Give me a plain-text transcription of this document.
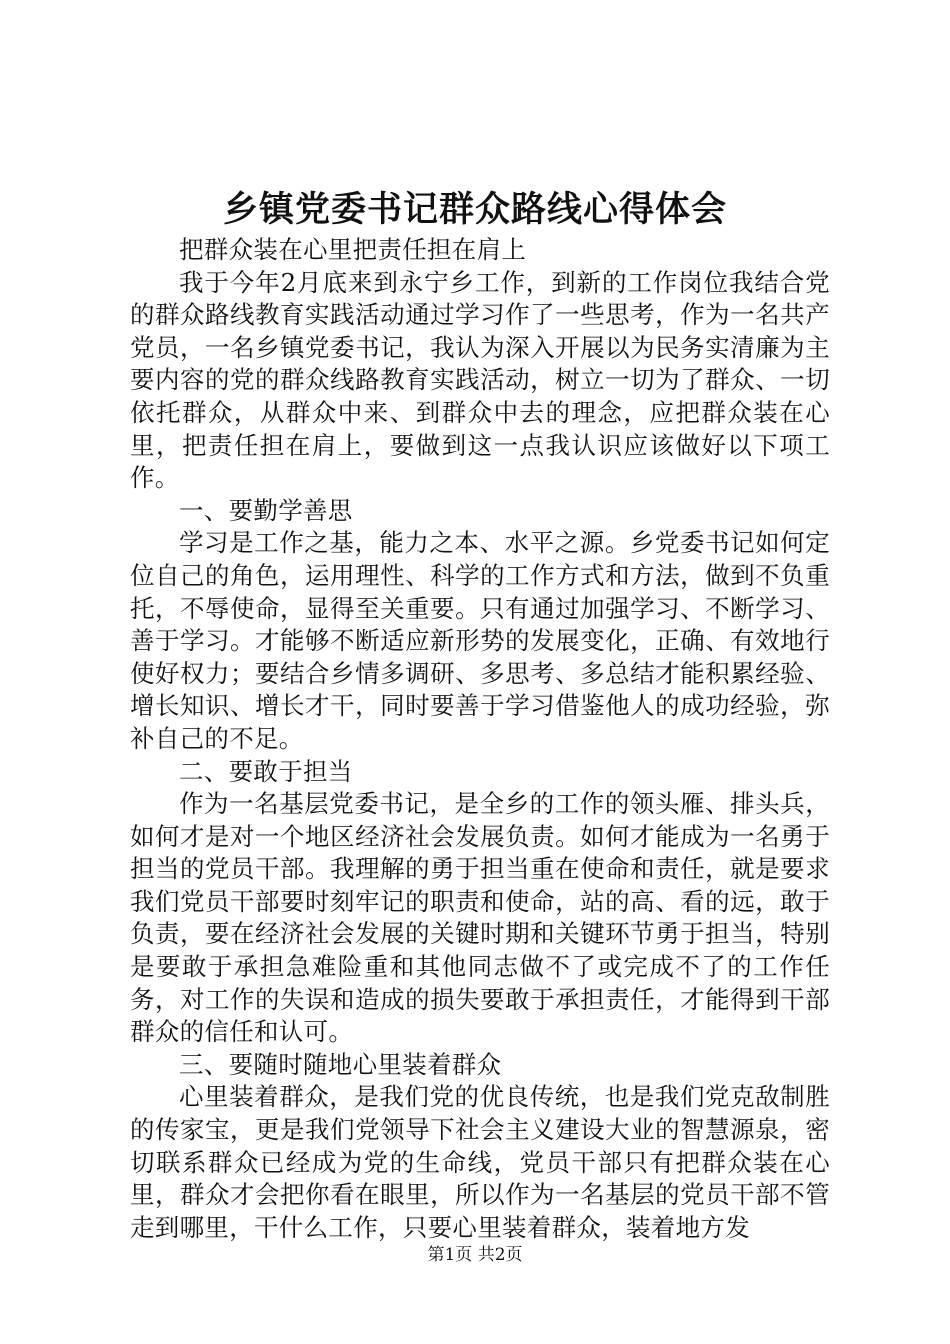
乡镇党委书记群众路线心得体会

把群众装在心里把责任担在肩上

我于今年2月底来到永宁乡工作，到新的工作岗位我结合党的群众路线教育实践活动通过学习作了一些思考，作为一名共产党员，一名乡镇党委书记，我认为深入开展以为民务实清廉为主要内容的党的群众线路教育实践活动，树立一切为了群众、一切依托群众，从群众中来、到群众中去的理念，应把群众装在心里，把责任担在肩上，要做到这一点我认识应该做好以下项工作。

一、要勤学善思

学习是工作之基，能力之本、水平之源。乡党委书记如何定位自己的角色，运用理性、科学的工作方式和方法，做到不负重托，不辱使命，显得至关重要。只有通过加强学习、不断学习、善于学习。才能够不断适应新形势的发展变化，正确、有效地行使好权力；要结合乡情多调研、多思考、多总结才能积累经验、增长知识、增长才干，同时要善于学习借鉴他人的成功经验，弥补自己的不足。

二、要敢于担当

作为一名基层党委书记，是全乡的工作的领头雁、排头兵，如何才是对一个地区经济社会发展负责。如何才能成为一名勇于担当的党员干部。我理解的勇于担当重在使命和责任，就是要求我们党员干部要时刻牢记的职责和使命，站的高、看的远，敢于负责，要在经济社会发展的关键时期和关键环节勇于担当，特别是要敢于承担急难险重和其他同志做不了或完成不了的工作任务，对工作的失误和造成的损失要敢于承担责任，才能得到干部群众的信任和认可。

三、要随时随地心里装着群众

心里装着群众，是我们党的优良传统，也是我们党克敌制胜的传家宝，更是我们党领导下社会主义建设大业的智慧源泉，密切联系群众已经成为党的生命线，党员干部只有把群众装在心里，群众才会把你看在眼里，所以作为一名基层的党员干部不管走到哪里，干什么工作，只要心里装着群众，装着地方发

第1页 共2页
